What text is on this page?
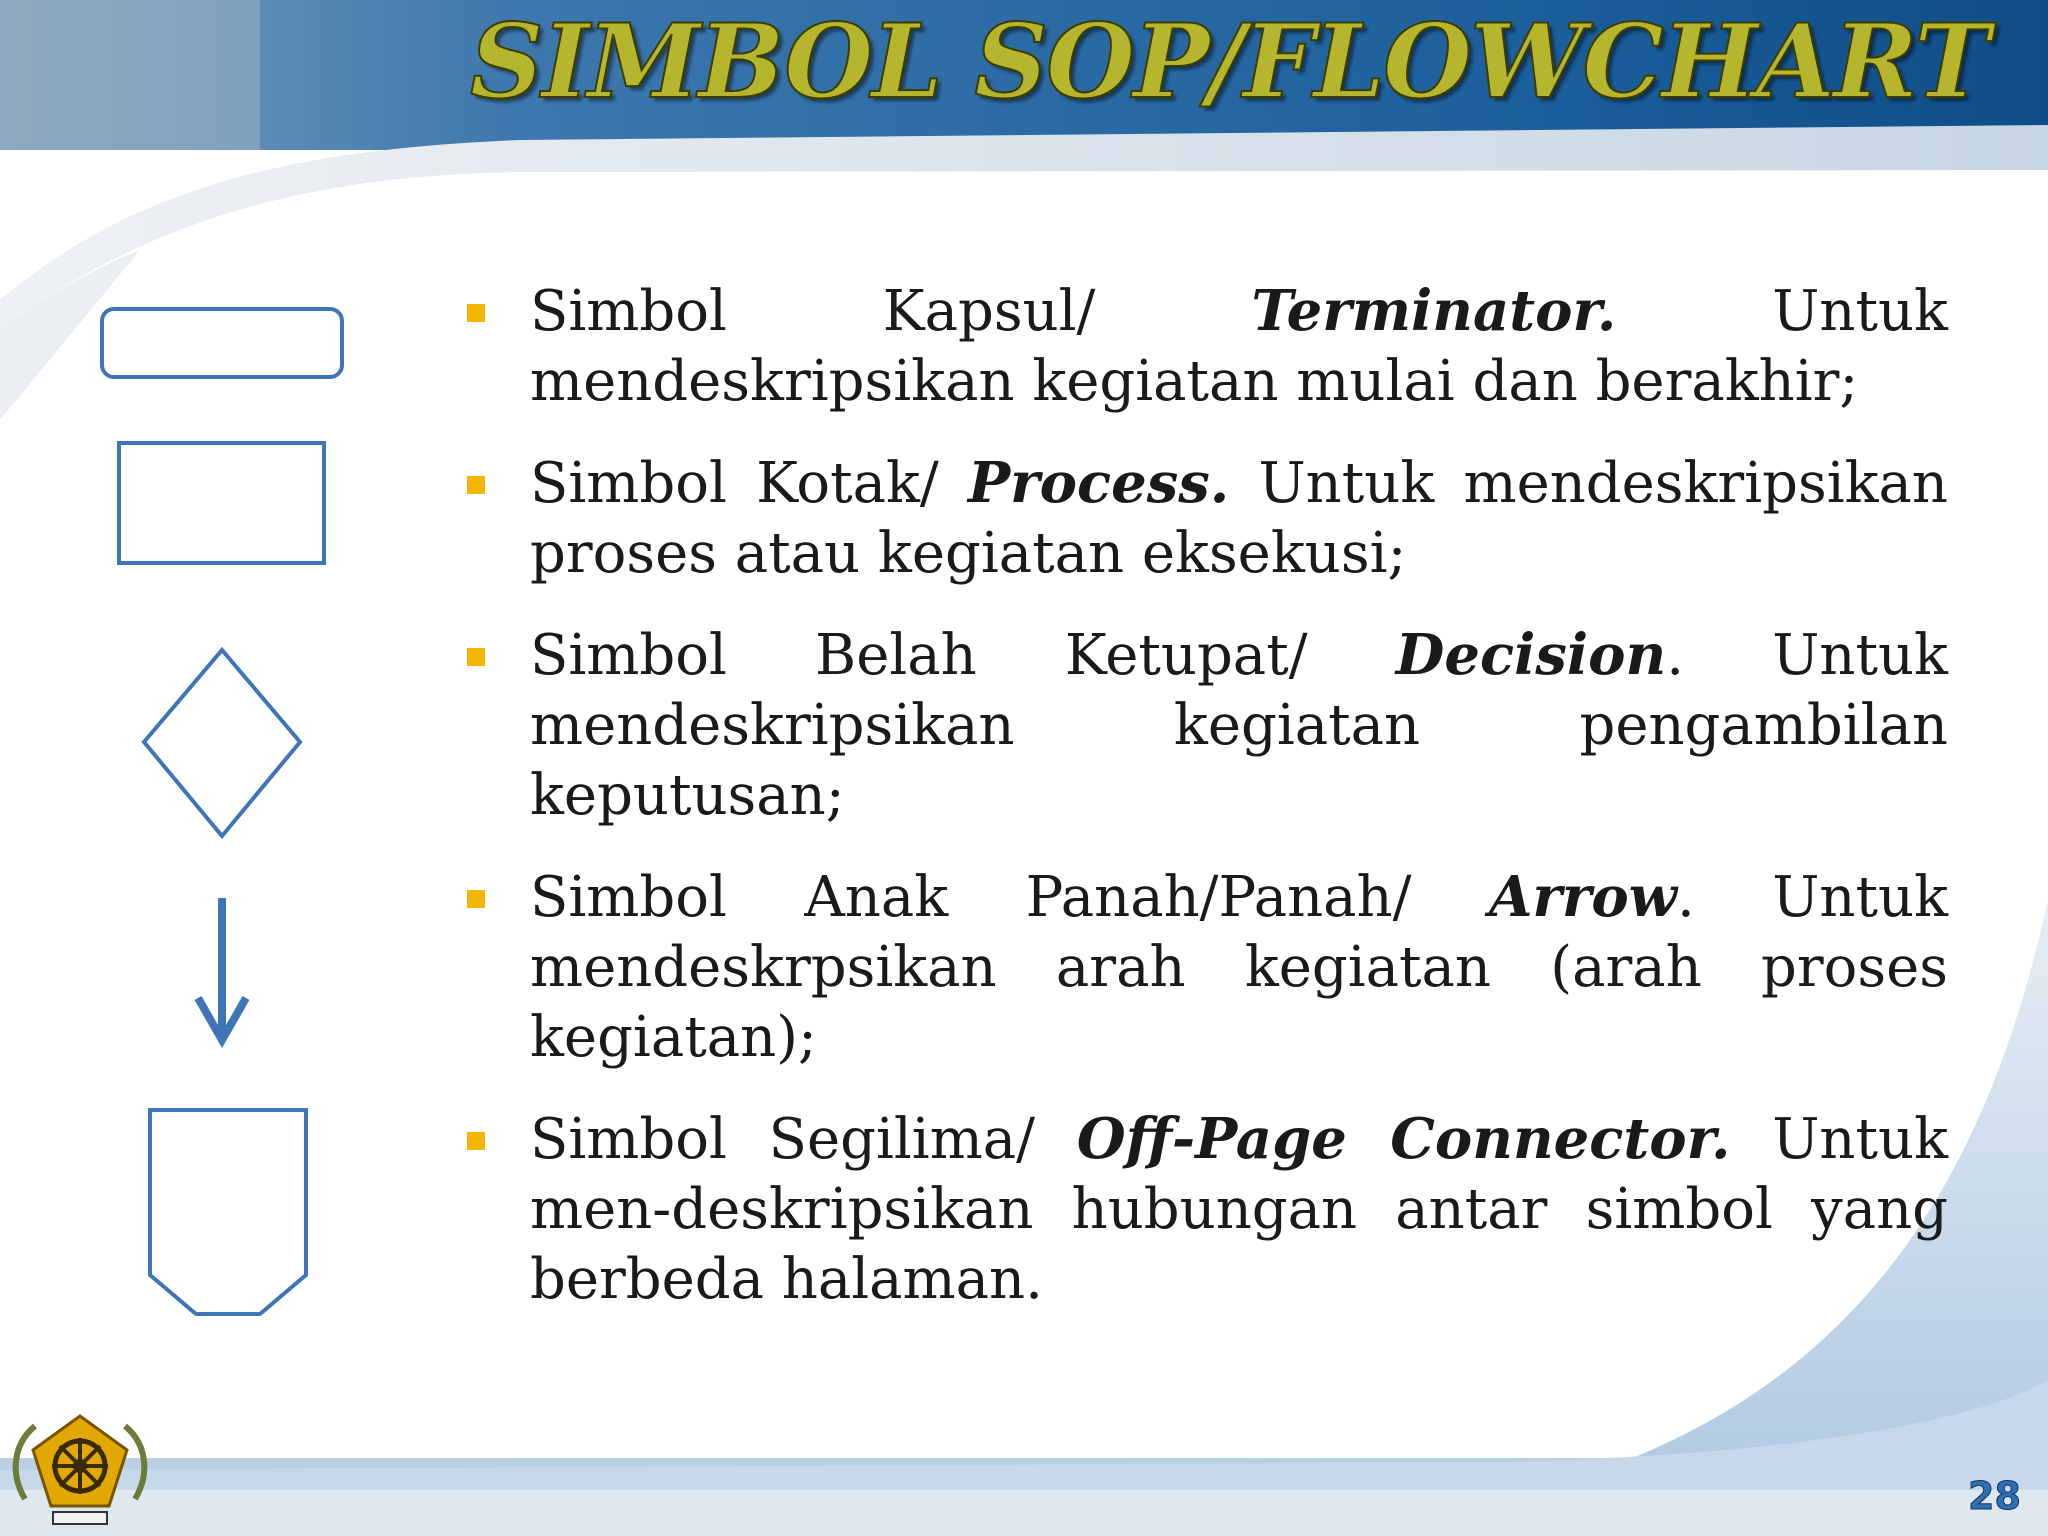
SIMBOL SOP/FLOWCHART

Simbol Kapsul/ Terminator. Untuk mendeskripsikan kegiatan mulai dan berakhir;

Simbol Kotak/ Process. Untuk mendeskripsikan proses atau kegiatan eksekusi;

Simbol Belah Ketupat/ Decision. Untuk mendeskripsikan kegiatan pengambilan keputusan;

Simbol Anak Panah/Panah/ Arrow. Untuk mendeskrpsikan arah kegiatan (arah proses kegiatan);

Simbol Segilima/ Off-Page Connector. Untuk men-deskripsikan hubungan antar simbol yang berbeda halaman.

28
